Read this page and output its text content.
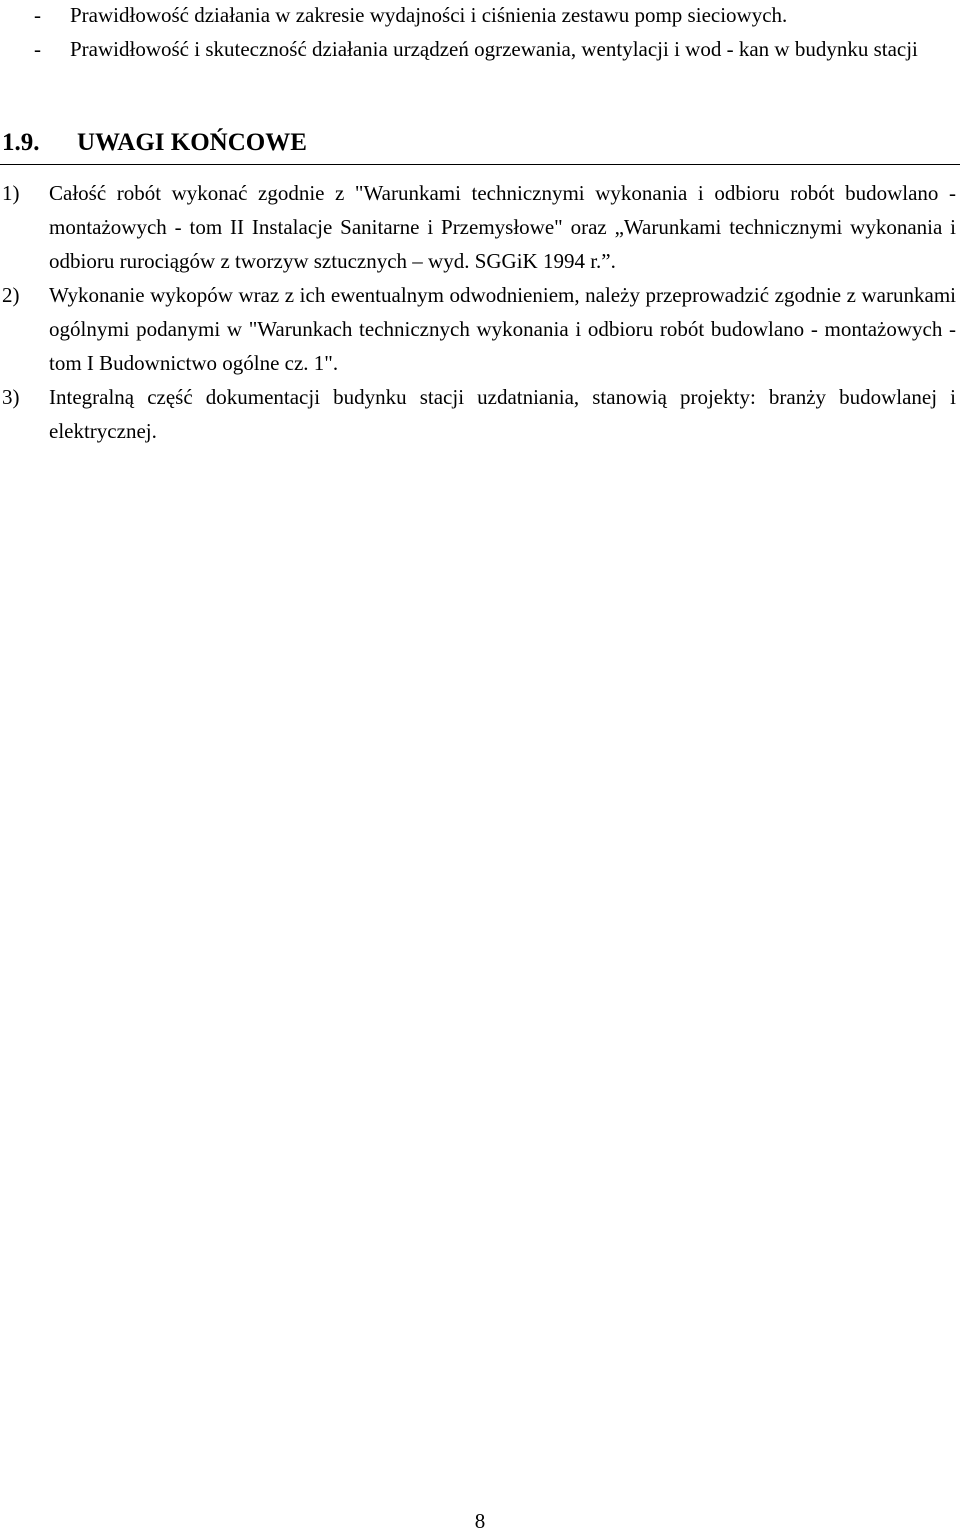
- Prawidłowość działania w zakresie wydajności i ciśnienia zestawu pomp sieciowych.
- Prawidłowość i skuteczność działania urządzeń ogrzewania, wentylacji i wod - kan w budynku stacji
1.9. UWAGI KOŃCOWE
1) Całość robót wykonać zgodnie z "Warunkami technicznymi wykonania i odbioru robót budowlano - montażowych - tom II Instalacje Sanitarne i Przemysłowe" oraz „Warunkami technicznymi wykonania i odbioru rurociągów z tworzyw sztucznych – wyd. SGGiK 1994 r.”.
2) Wykonanie wykopów wraz z ich ewentualnym odwodnieniem, należy przeprowadzić zgodnie z warunkami ogólnymi podanymi w "Warunkach technicznych wykonania i odbioru robót budowlano - montażowych - tom I Budownictwo ogólne cz. 1".
3) Integralną część dokumentacji budynku stacji uzdatniania, stanowią projekty: branży budowlanej i elektrycznej.
8
